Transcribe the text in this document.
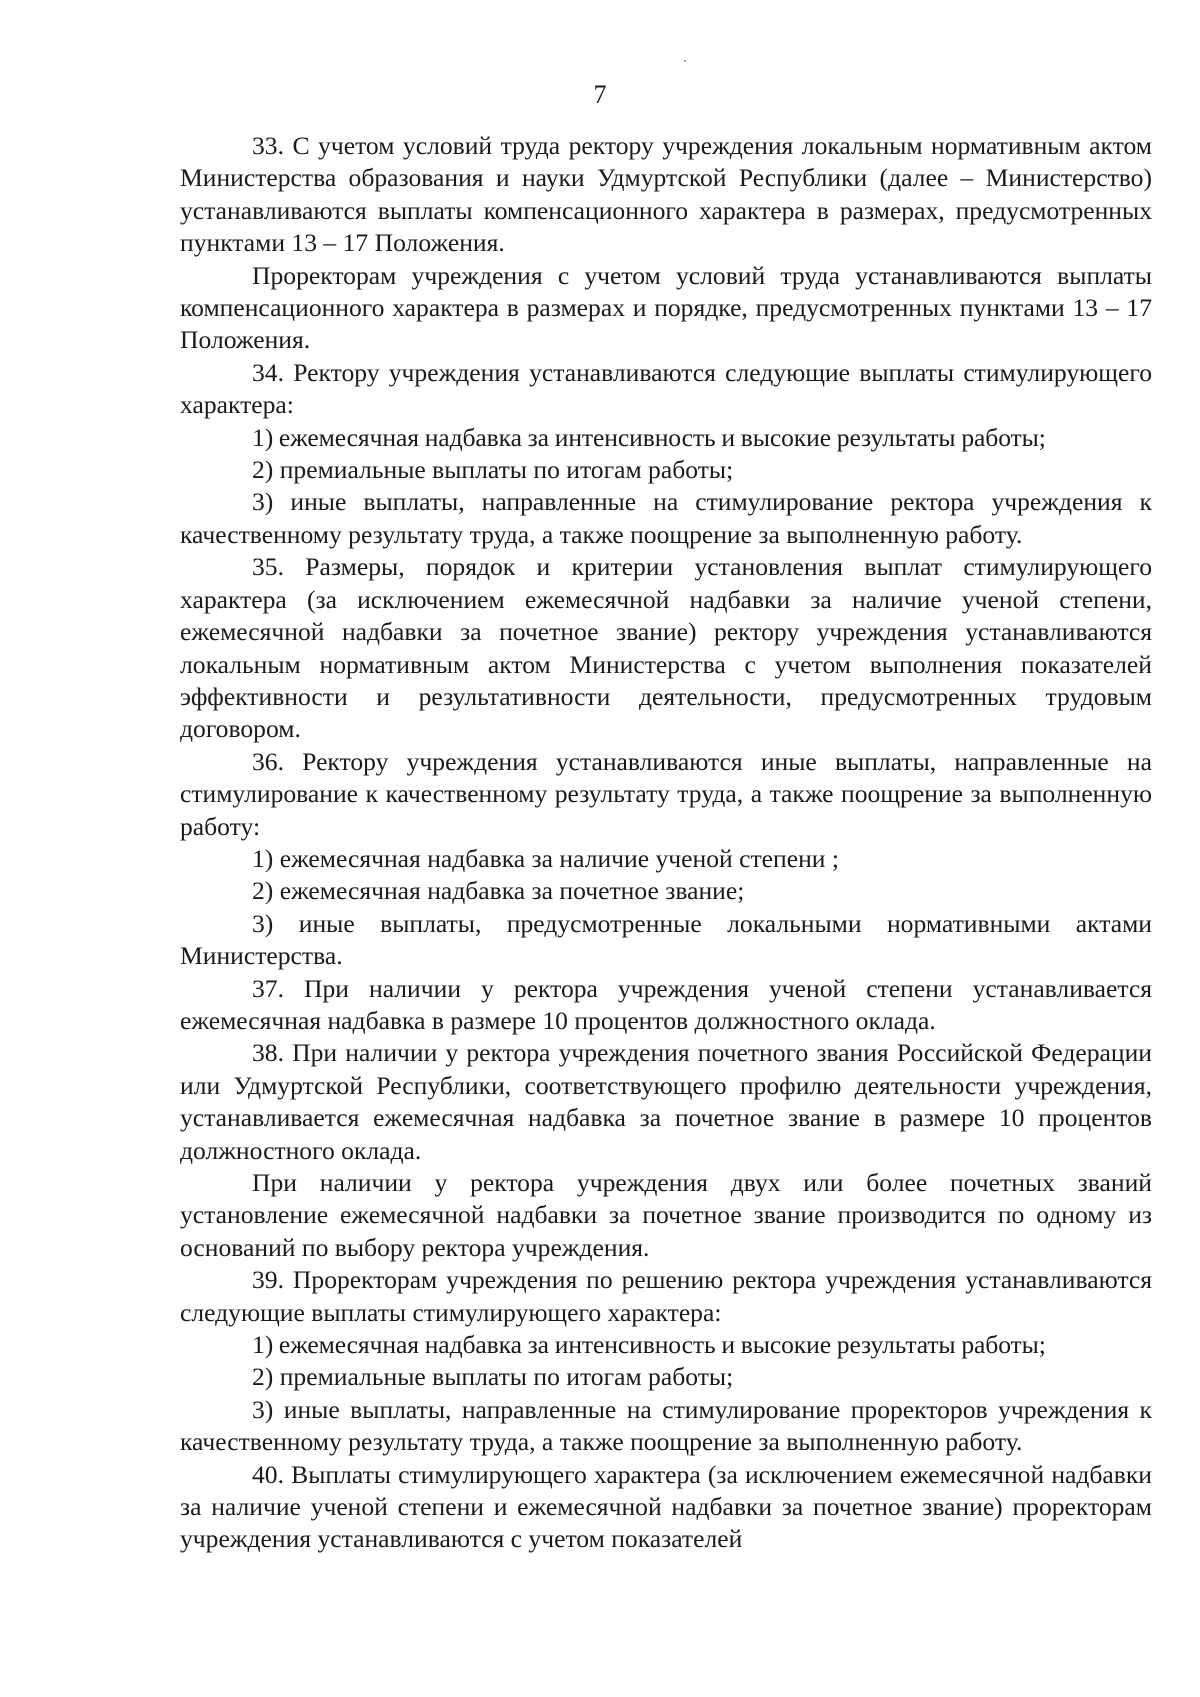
7

33. С учетом условий труда ректору учреждения локальным нормативным актом Министерства образования и науки Удмуртской Республики (далее – Министерство) устанавливаются выплаты компенсационного характера в размерах, предусмотренных пунктами 13 – 17 Положения.

Проректорам учреждения с учетом условий труда устанавливаются выплаты компенсационного характера в размерах и порядке, предусмотренных пунктами 13 – 17 Положения.

34. Ректору учреждения устанавливаются следующие выплаты стимулирующего характера:

1) ежемесячная надбавка за интенсивность и высокие результаты работы;

2) премиальные выплаты по итогам работы;

3) иные выплаты, направленные на стимулирование ректора учреждения к качественному результату труда, а также поощрение за выполненную работу.

35. Размеры, порядок и критерии установления выплат стимулирующего характера (за исключением ежемесячной надбавки за наличие ученой степени, ежемесячной надбавки за почетное звание) ректору учреждения устанавливаются локальным нормативным актом Министерства с учетом выполнения показателей эффективности и результативности деятельности, предусмотренных трудовым договором.

36. Ректору учреждения устанавливаются иные выплаты, направленные на стимулирование к качественному результату труда, а также поощрение за выполненную работу:

1) ежемесячная надбавка за наличие ученой степени ;

2) ежемесячная надбавка за почетное звание;

3) иные выплаты, предусмотренные локальными нормативными актами Министерства.

37. При наличии у ректора учреждения ученой степени устанавливается ежемесячная надбавка в размере 10 процентов должностного оклада.

38. При наличии у ректора учреждения почетного звания Российской Федерации или Удмуртской Республики, соответствующего профилю деятельности учреждения, устанавливается ежемесячная надбавка за почетное звание в размере 10 процентов должностного оклада.

При наличии у ректора учреждения двух или более почетных званий установление ежемесячной надбавки за почетное звание производится по одному из оснований по выбору ректора учреждения.

39. Проректорам учреждения по решению ректора учреждения устанавливаются следующие выплаты стимулирующего характера:

1) ежемесячная надбавка за интенсивность и высокие результаты работы;

2) премиальные выплаты по итогам работы;

3) иные выплаты, направленные на стимулирование проректоров учреждения к качественному результату труда, а также поощрение за выполненную работу.

40. Выплаты стимулирующего характера (за исключением ежемесячной надбавки за наличие ученой степени и ежемесячной надбавки за почетное звание) проректорам учреждения устанавливаются с учетом показателей
